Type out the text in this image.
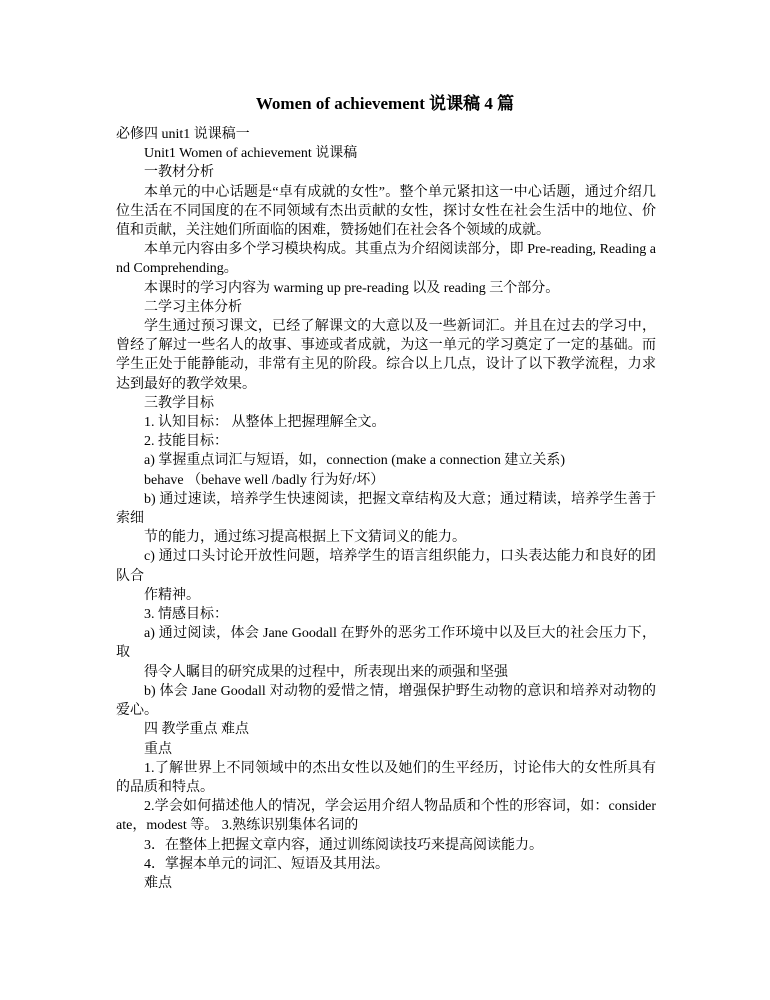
Women of achievement 说课稿 4 篇

必修四 unit1 说课稿一

Unit1 Women of achievement 说课稿

一教材分析

本单元的中心话题是“卓有成就的女性”。整个单元紧扣这一中心话题，通过介绍几位生活在不同国度的在不同领域有杰出贡献的女性，探讨女性在社会生活中的地位、价值和贡献，关注她们所面临的困难，赞扬她们在社会各个领域的成就。

本单元内容由多个学习模块构成。其重点为介绍阅读部分，即 Pre-reading, Reading and Comprehending。

本课时的学习内容为 warming up pre-reading 以及 reading 三个部分。

二学习主体分析

学生通过预习课文，已经了解课文的大意以及一些新词汇。并且在过去的学习中，曾经了解过一些名人的故事、事迹或者成就，为这一单元的学习奠定了一定的基础。而学生正处于能静能动，非常有主见的阶段。综合以上几点，设计了以下教学流程，力求达到最好的教学效果。

三教学目标

1. 认知目标： 从整体上把握理解全文。

2. 技能目标：

a) 掌握重点词汇与短语，如，connection (make a connection 建立关系)

behave （behave well /badly 行为好/坏）

b) 通过速读，培养学生快速阅读，把握文章结构及大意；通过精读，培养学生善于索细

节的能力，通过练习提高根据上下文猜词义的能力。

c) 通过口头讨论开放性问题，培养学生的语言组织能力，口头表达能力和良好的团队合

作精神。

3. 情感目标：

a) 通过阅读，体会 Jane Goodall 在野外的恶劣工作环境中以及巨大的社会压力下，取

得令人瞩目的研究成果的过程中，所表现出来的顽强和坚强

b) 体会 Jane Goodall 对动物的爱惜之情，增强保护野生动物的意识和培养对动物的爱心。

四 教学重点 难点

重点

1.了解世界上不同领域中的杰出女性以及她们的生平经历，讨论伟大的女性所具有的品质和特点。

2.学会如何描述他人的情况，学会运用介绍人物品质和个性的形容词，如：considerate，modest 等。 3.熟练识别集体名词的

3．在整体上把握文章内容，通过训练阅读技巧来提高阅读能力。

4．掌握本单元的词汇、短语及其用法。

难点
